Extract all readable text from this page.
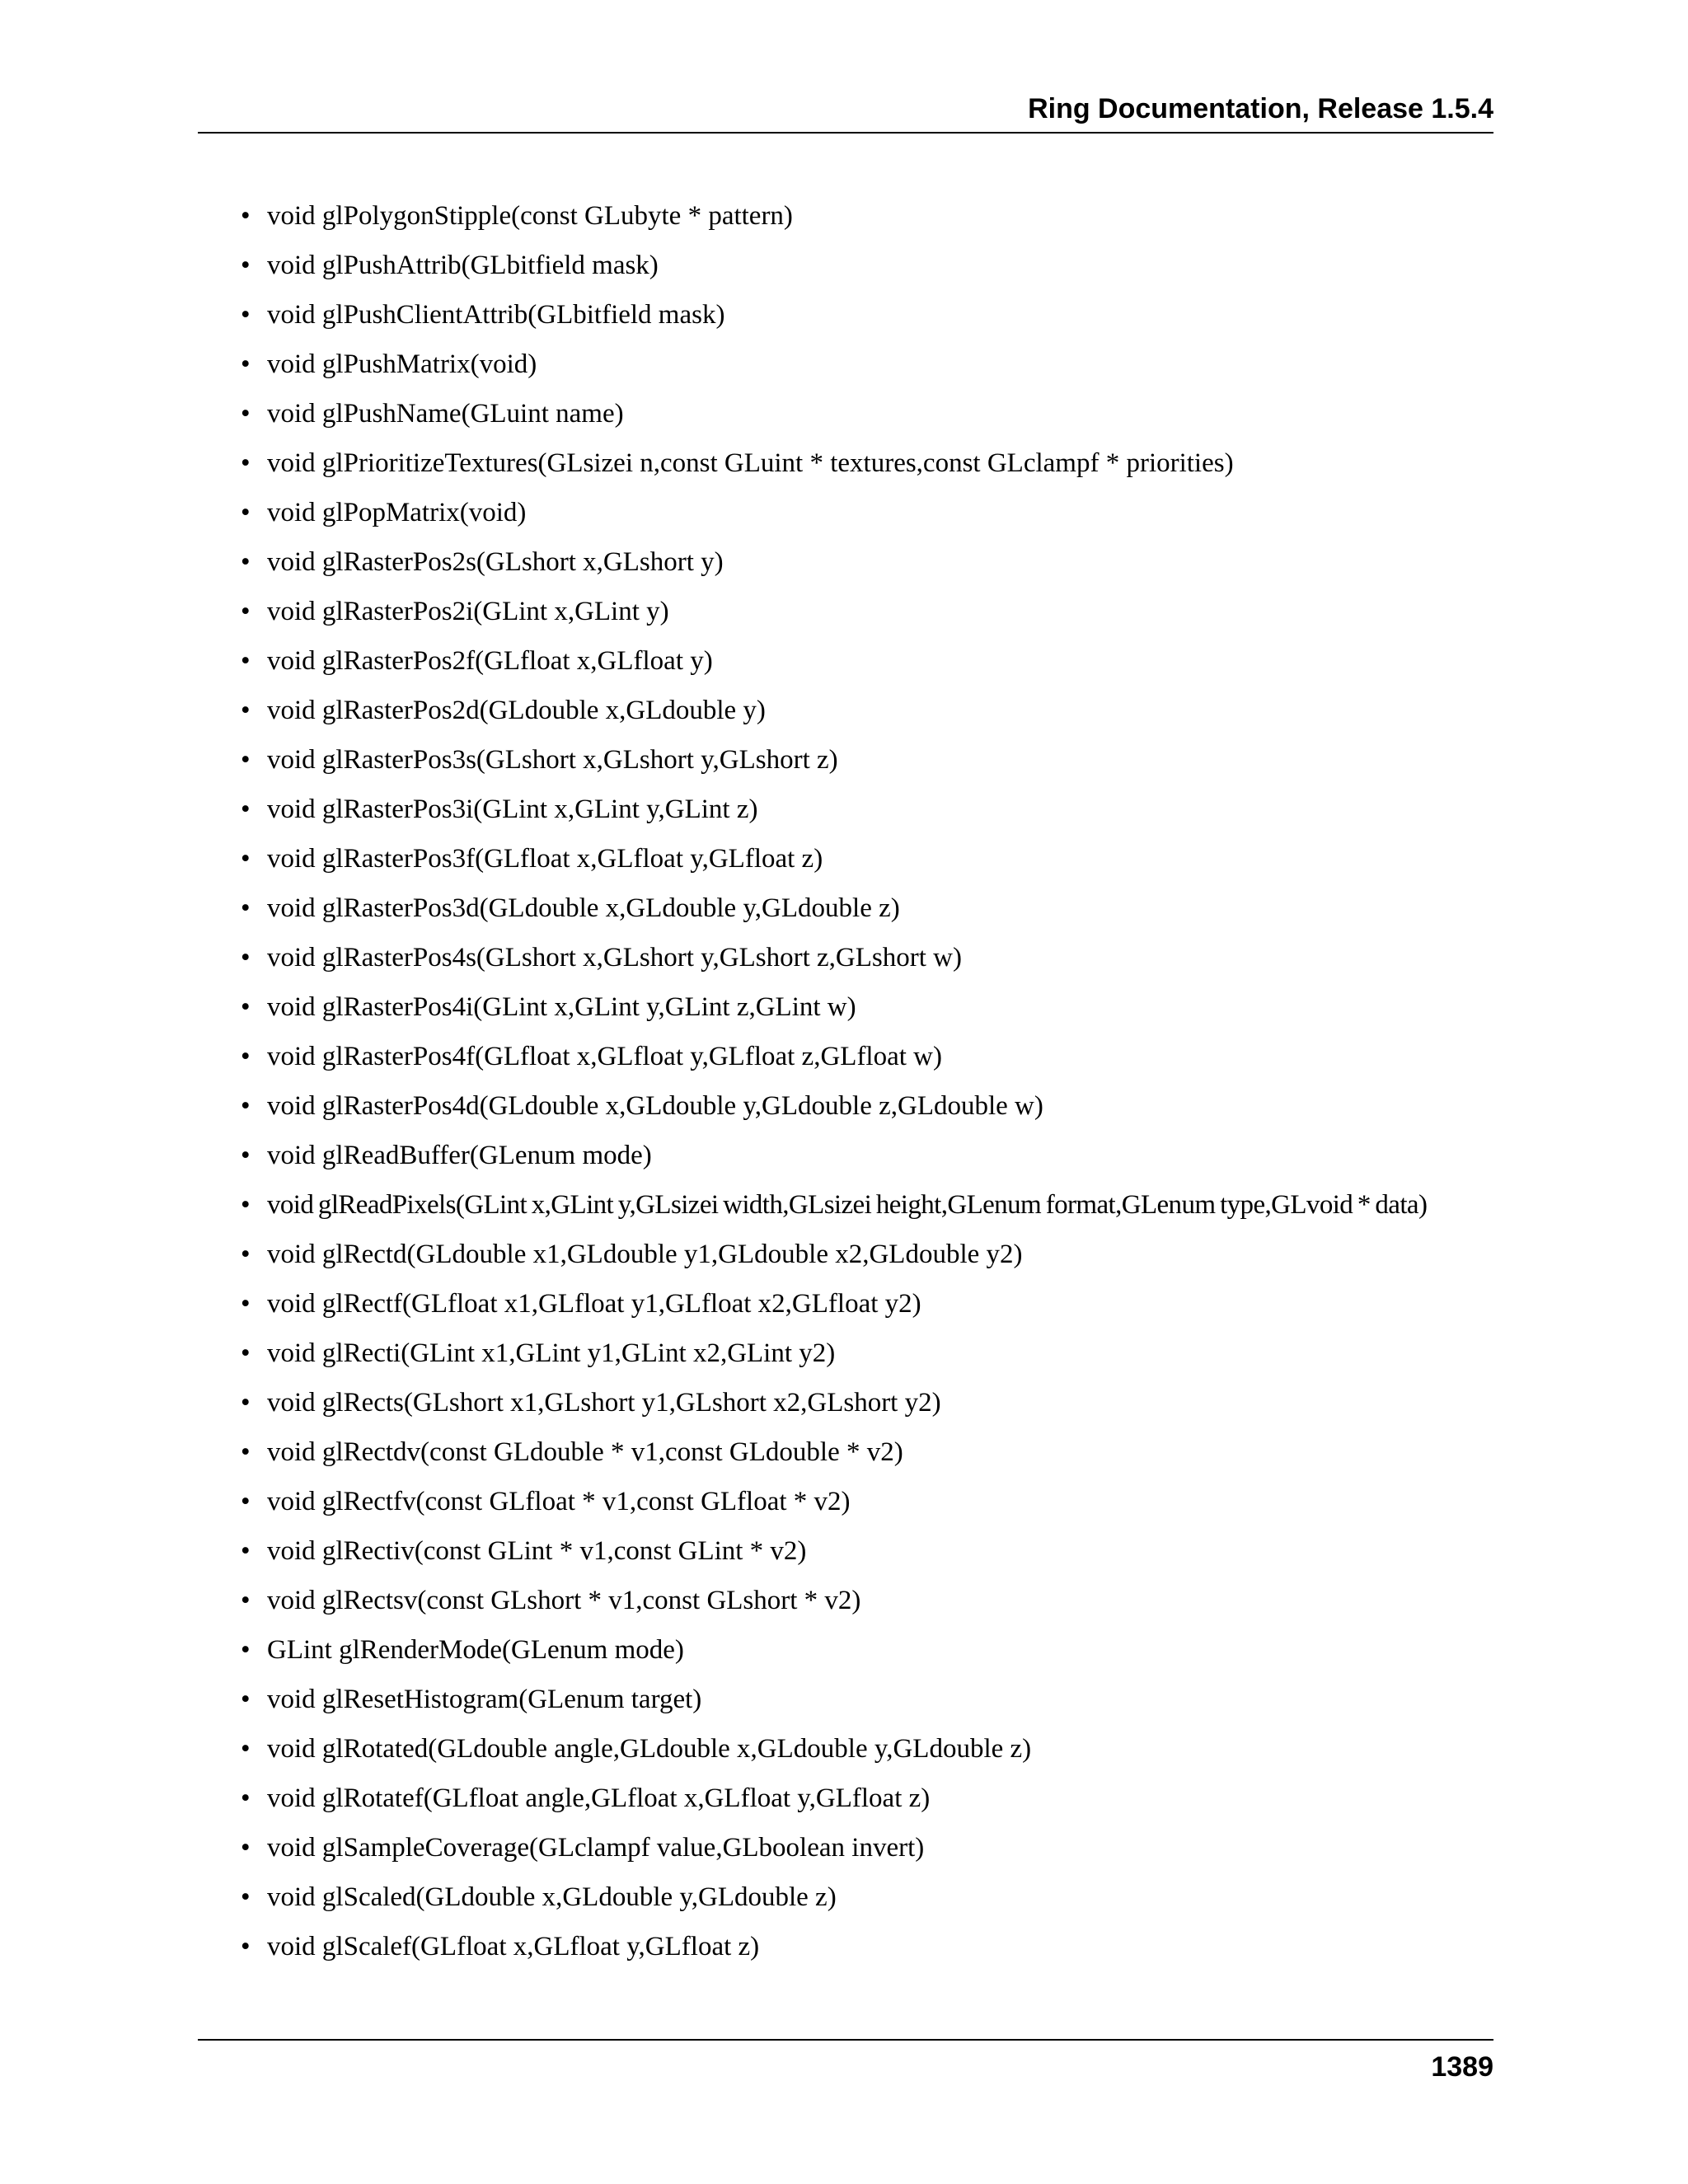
Ring Documentation, Release 1.5.4
• void glPolygonStipple(const GLubyte * pattern)
• void glPushAttrib(GLbitfield mask)
• void glPushClientAttrib(GLbitfield mask)
• void glPushMatrix(void)
• void glPushName(GLuint name)
• void glPrioritizeTextures(GLsizei n,const GLuint * textures,const GLclampf * priorities)
• void glPopMatrix(void)
• void glRasterPos2s(GLshort x,GLshort y)
• void glRasterPos2i(GLint x,GLint y)
• void glRasterPos2f(GLfloat x,GLfloat y)
• void glRasterPos2d(GLdouble x,GLdouble y)
• void glRasterPos3s(GLshort x,GLshort y,GLshort z)
• void glRasterPos3i(GLint x,GLint y,GLint z)
• void glRasterPos3f(GLfloat x,GLfloat y,GLfloat z)
• void glRasterPos3d(GLdouble x,GLdouble y,GLdouble z)
• void glRasterPos4s(GLshort x,GLshort y,GLshort z,GLshort w)
• void glRasterPos4i(GLint x,GLint y,GLint z,GLint w)
• void glRasterPos4f(GLfloat x,GLfloat y,GLfloat z,GLfloat w)
• void glRasterPos4d(GLdouble x,GLdouble y,GLdouble z,GLdouble w)
• void glReadBuffer(GLenum mode)
• void glReadPixels(GLint x,GLint y,GLsizei width,GLsizei height,GLenum format,GLenum type,GLvoid * data)
• void glRectd(GLdouble x1,GLdouble y1,GLdouble x2,GLdouble y2)
• void glRectf(GLfloat x1,GLfloat y1,GLfloat x2,GLfloat y2)
• void glRecti(GLint x1,GLint y1,GLint x2,GLint y2)
• void glRects(GLshort x1,GLshort y1,GLshort x2,GLshort y2)
• void glRectdv(const GLdouble * v1,const GLdouble * v2)
• void glRectfv(const GLfloat * v1,const GLfloat * v2)
• void glRectiv(const GLint * v1,const GLint * v2)
• void glRectsv(const GLshort * v1,const GLshort * v2)
• GLint glRenderMode(GLenum mode)
• void glResetHistogram(GLenum target)
• void glRotated(GLdouble angle,GLdouble x,GLdouble y,GLdouble z)
• void glRotatef(GLfloat angle,GLfloat x,GLfloat y,GLfloat z)
• void glSampleCoverage(GLclampf value,GLboolean invert)
• void glScaled(GLdouble x,GLdouble y,GLdouble z)
• void glScalef(GLfloat x,GLfloat y,GLfloat z)
1389
